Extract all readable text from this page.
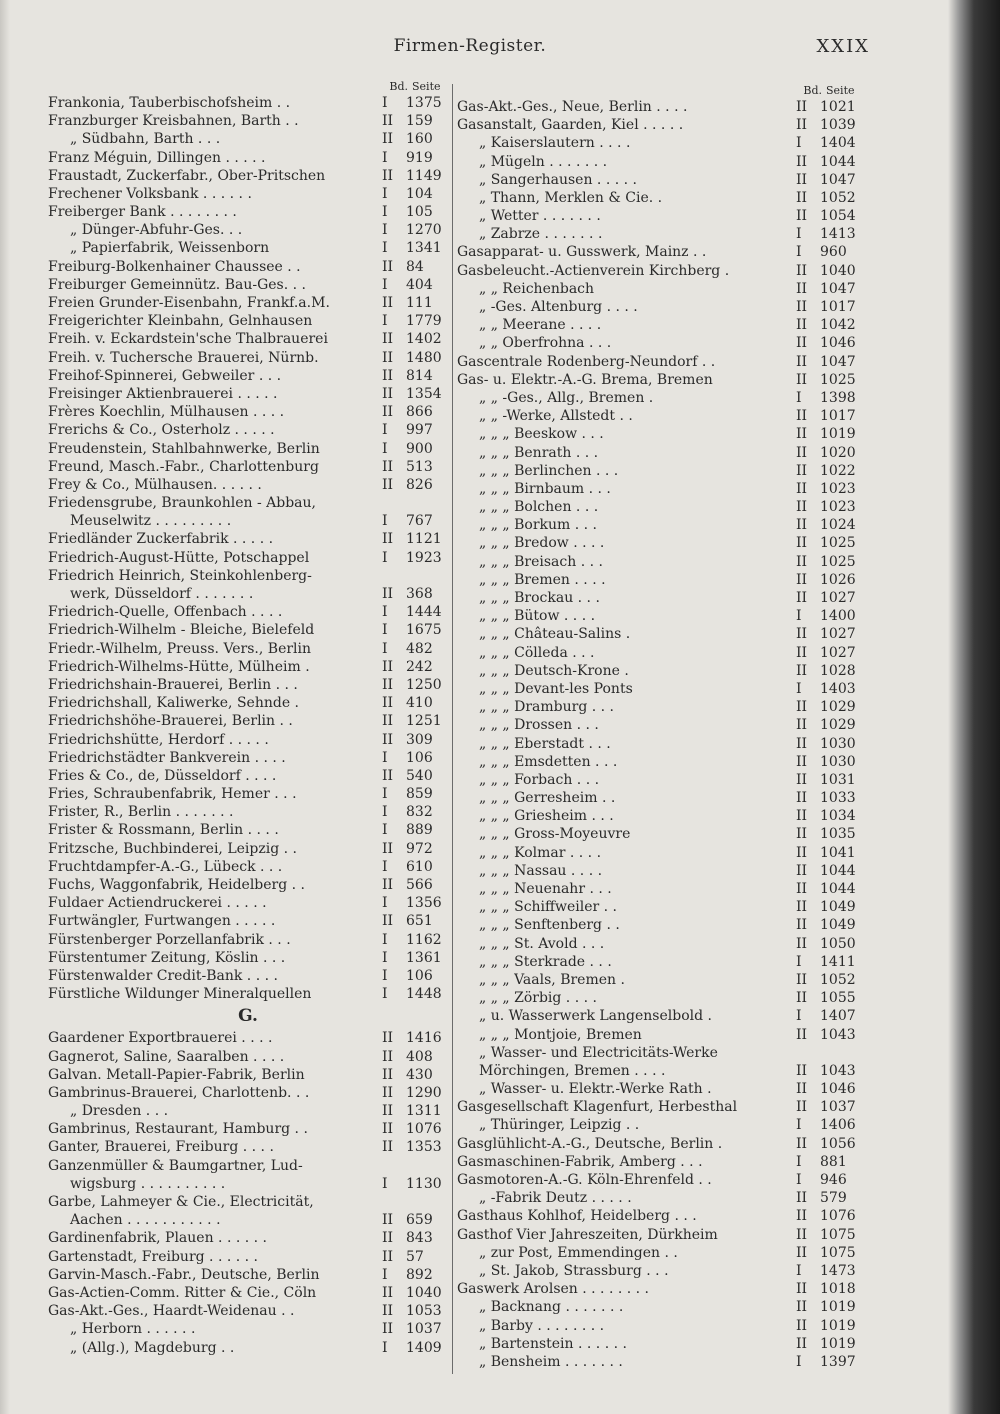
Firmen-Register.	XXIX
Bd. Seite
Frankonia, Tauberbischofsheim . .	I	1375
Franzburger Kreisbahnen, Barth . .	II 159
„ Südbahn, Barth . . .	II 160
Franz Méguin, Dillingen . . . . .	I	919
Fraustadt, Zuckerfabr., Ober-Pritschen	II 1149
Frechener Volksbank . . . . . .	I	104
Freiberger Bank . . . . . . . .	I	105
„ Dünger-Abfuhr-Ges. . .	I	1270
„ Papierfabrik, Weissenborn	I	1341
Freiburg-Bolkenhainer Chaussee . .	II 84
Freiburger Gemeinnütz. Bau-Ges. . .	I	404
Freien Grunder-Eisenbahn, Frankf.a.M.	II 111
Freigerichter Kleinbahn, Gelnhausen	I	1779
Freih. v. Eckardstein'sche Thalbrauerei	II 1402
Freih. v. Tuchersche Brauerei, Nürnb.	II 1480
Freihof-Spinnerei, Gebweiler . . .	II 814
Freisinger Aktienbrauerei . . . . .	II 1354
Frères Koechlin, Mülhausen . . . .	II 866
Frerichs & Co., Osterholz . . . . .	I	997
Freudenstein, Stahlbahnwerke, Berlin	I	900
Freund, Masch.-Fabr., Charlottenburg	II 513
Frey & Co., Mülhausen. . . . . .	II 826
Friedensgrube, Braunkohlen - Abbau,
Meuselwitz . . . . . . . . .	I	767
Friedländer Zuckerfabrik . . . . .	II 1121
Friedrich-August-Hütte, Potschappel	I	1923
Friedrich Heinrich, Steinkohlenberg-
werk, Düsseldorf . . . . . . .	II 368
Friedrich-Quelle, Offenbach . . . .	I	1444
Friedrich-Wilhelm - Bleiche, Bielefeld	I	1675
Friedr.-Wilhelm, Preuss. Vers., Berlin	I	482
Friedrich-Wilhelms-Hütte, Mülheim .	II 242
Friedrichshain-Brauerei, Berlin . . .	II 1250
Friedrichshall, Kaliwerke, Sehnde .	II 410
Friedrichshöhe-Brauerei, Berlin . .	II 1251
Friedrichshütte, Herdorf . . . . .	II 309
Friedrichstädter Bankverein . . . .	I	106
Fries & Co., de, Düsseldorf . . . .	II 540
Fries, Schraubenfabrik, Hemer . . .	I	859
Frister, R., Berlin . . . . . . .	I	832
Frister & Rossmann, Berlin . . . .	I	889
Fritzsche, Buchbinderei, Leipzig . .	II 972
Fruchtdampfer-A.-G., Lübeck . . .	I	610
Fuchs, Waggonfabrik, Heidelberg . .	II 566
Fuldaer Actiendruckerei . . . . .	I	1356
Furtwängler, Furtwangen . . . . .	II 651
Fürstenberger Porzellanfabrik . . .	I	1162
Fürstentumer Zeitung, Köslin . . .	I	1361
Fürstenwalder Credit-Bank . . . .	I	106
Fürstliche Wildunger Mineralquellen	I	1448
G.
Gaardener Exportbrauerei . . . .	II 1416
Gagnerot, Saline, Saaralben . . . .	II 408
Galvan. Metall-Papier-Fabrik, Berlin	II 430
Gambrinus-Brauerei, Charlottenb. . .	II 1290
„ Dresden . . .	II 1311
Gambrinus, Restaurant, Hamburg . .	II 1076
Ganter, Brauerei, Freiburg . . . .	II 1353
Ganzenmüller & Baumgartner, Lud-
wigsburg . . . . . . . . . .	I	1130
Garbe, Lahmeyer & Cie., Electricität,
Aachen . . . . . . . . . . .	II 659
Gardinenfabrik, Plauen . . . . . .	II 843
Gartenstadt, Freiburg . . . . . .	II 57
Garvin-Masch.-Fabr., Deutsche, Berlin	I	892
Gas-Actien-Comm. Ritter & Cie., Cöln	II 1040
Gas-Akt.-Ges., Haardt-Weidenau . .	II 1053
„ Herborn . . . . . .	II 1037
„ (Allg.), Magdeburg . .	I	1409
Bd. Seite
Gas-Akt.-Ges., Neue, Berlin . . . .	II 1021
Gasanstalt, Gaarden, Kiel . . . . .	II 1039
„ Kaiserslautern . . . .	I	1404
„ Mügeln . . . . . . .	II 1044
„ Sangerhausen . . . . .	II 1047
„ Thann, Merklen & Cie. .	II 1052
„ Wetter . . . . . . .	II 1054
„ Zabrze . . . . . . .	I	1413
Gasapparat- u. Gusswerk, Mainz . .	I	960
Gasbeleucht.-Actienverein Kirchberg .	II 1040
„ „ Reichenbach	II 1047
„ -Ges. Altenburg . . . .	II 1017
„ „ Meerane . . . .	II 1042
„ „ Oberfrohna . . .	II 1046
Gascentrale Rodenberg-Neundorf . .	II 1047
Gas- u. Elektr.-A.-G. Brema, Bremen	II 1025
„ „ -Ges., Allg., Bremen .	I	1398
„ „ -Werke, Allstedt . .	II 1017
„ „ „ Beeskow . . .	II 1019
„ „ „ Benrath . . .	II 1020
„ „ „ Berlinchen . . .	II 1022
„ „ „ Birnbaum . . .	II 1023
„ „ „ Bolchen . . .	II 1023
„ „ „ Borkum . . .	II 1024
„ „ „ Bredow . . . .	II 1025
„ „ „ Breisach . . .	II 1025
„ „ „ Bremen . . . .	II 1026
„ „ „ Brockau . . .	II 1027
„ „ „ Bütow . . . .	I	1400
„ „ „ Château-Salins .	II 1027
„ „ „ Cölleda . . .	II 1027
„ „ „ Deutsch-Krone .	II 1028
„ „ „ Devant-les Ponts	I	1403
„ „ „ Dramburg . . .	II 1029
„ „ „ Drossen . . .	II 1029
„ „ „ Eberstadt . . .	II 1030
„ „ „ Emsdetten . . .	II 1030
„ „ „ Forbach . . .	II 1031
„ „ „ Gerresheim . .	II 1033
„ „ „ Griesheim . . .	II 1034
„ „ „ Gross-Moyeuvre	II 1035
„ „ „ Kolmar . . . .	II 1041
„ „ „ Nassau . . . .	II 1044
„ „ „ Neuenahr . . .	II 1044
„ „ „ Schiffweiler . .	II 1049
„ „ „ Senftenberg . .	II 1049
„ „ „ St. Avold . . .	II 1050
„ „ „ Sterkrade . . .	I	1411
„ „ „ Vaals, Bremen .	II 1052
„ „ „ Zörbig . . . .	II 1055
„ u. Wasserwerk Langenselbold .	I	1407
„ „ „ Montjoie, Bremen	II 1043
„ Wasser- und Electricitäts-Werke
Mörchingen, Bremen . . . .	II 1043
„ Wasser- u. Elektr.-Werke Rath .	II 1046
Gasgesellschaft Klagenfurt, Herbesthal	II 1037
„ Thüringer, Leipzig . .	I	1406
Gasglühlicht-A.-G., Deutsche, Berlin .	II 1056
Gasmaschinen-Fabrik, Amberg . . .	I	881
Gasmotoren-A.-G. Köln-Ehrenfeld . .	I	946
„ -Fabrik Deutz . . . . .	II 579
Gasthaus Kohlhof, Heidelberg . . .	II 1076
Gasthof Vier Jahreszeiten, Dürkheim	II 1075
„ zur Post, Emmendingen . .	II 1075
„ St. Jakob, Strassburg . . .	I	1473
Gaswerk Arolsen . . . . . . . .	II 1018
„ Backnang . . . . . . .	II 1019
„ Barby . . . . . . . .	II 1019
„ Bartenstein . . . . . .	II 1019
„ Bensheim . . . . . . .	I	1397
